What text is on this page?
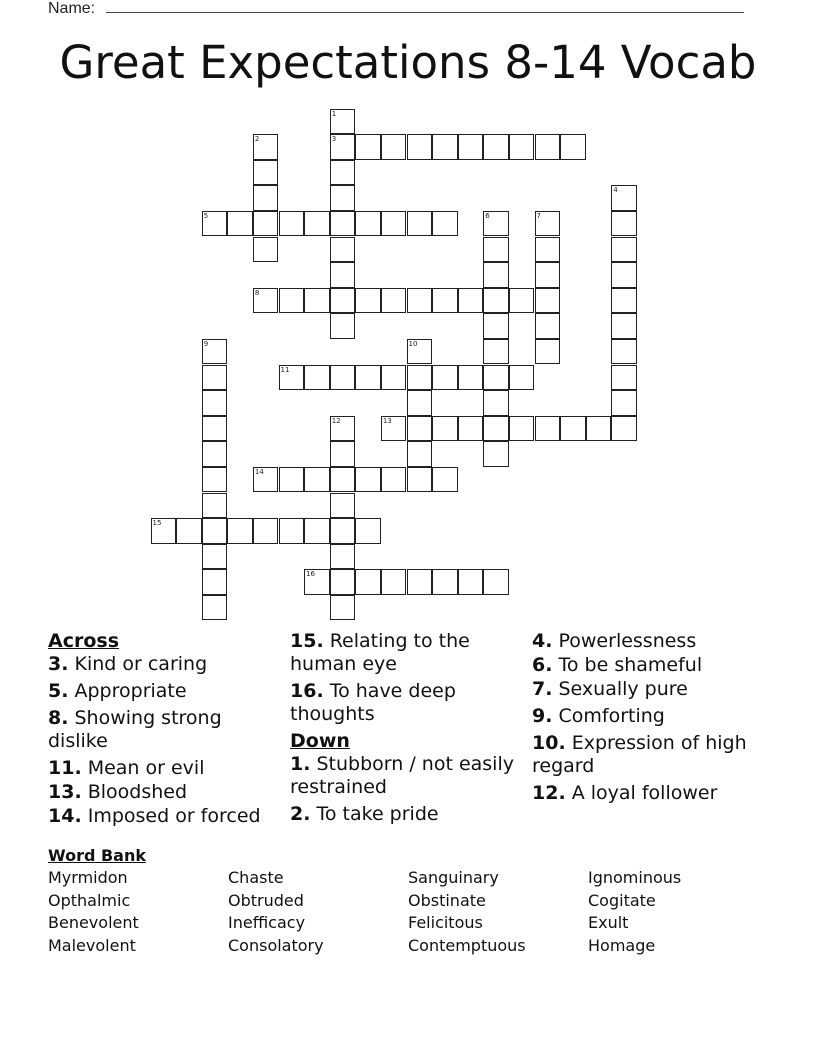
Name:
Great Expectations 8-14 Vocab
1
3
2
4
5	6	7
8
9	10
11
12	13
14
15
16
Across
3. Kind or caring
5. Appropriate
8. Showing strong dislike
11. Mean or evil
13. Bloodshed
14. Imposed or forced
15. Relating to the human eye
16. To have deep thoughts
Down
1. Stubborn / not easily restrained
2. To take pride
4. Powerlessness
6. To be shameful
7. Sexually pure
9. Comforting
10. Expression of high regard
12. A loyal follower
Word Bank
Myrmidon	Chaste	Sanguinary	Ignominous
Opthalmic	Obtruded	Obstinate	Cogitate
Benevolent	Inefficacy	Felicitous	Exult
Malevolent	Consolatory	Contemptuous	Homage
